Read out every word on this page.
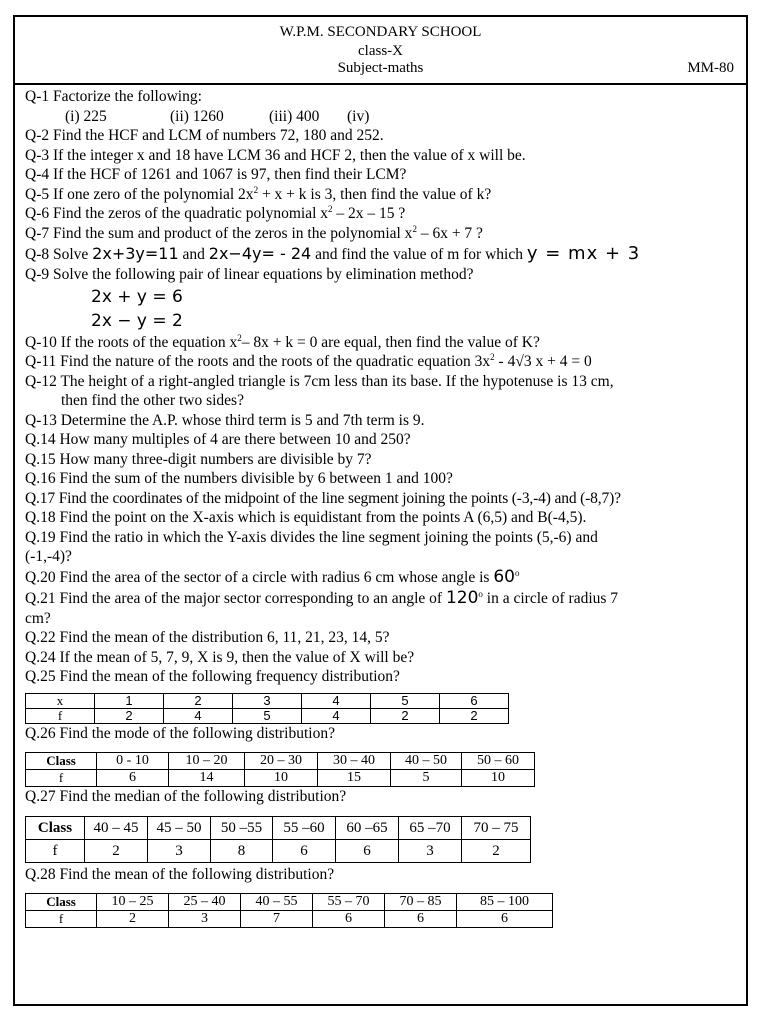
W.P.M. SECONDARY SCHOOL
class-X
Subject-maths	MM-80
Q-1 Factorize the following:
(i) 225	(ii) 1260	(iii) 400 (iv)
Q-2 Find the HCF and LCM of numbers 72, 180 and 252.
Q-3 If the integer x and 18 have LCM 36 and HCF 2, then the value of x will be.
Q-4 If the HCF of 1261 and 1067 is 97, then find their LCM?
Q-5 If one zero of the polynomial $2x^2 + x + k$ is 3, then find the value of k?
Q-6 Find the zeros of the quadratic polynomial $x^2 - 2x - 15$ ?
Q-7 Find the sum and product of the zeros in the polynomial $x^2 - 6x + 7$ ?
Q-8 Solve 2x+3y=11 and 2x−4y= - 24 and find the value of m for which y = mx + 3
Q-9 Solve the following pair of linear equations by elimination method?
2x + y = 6
2x − y = 2
Q-10 If the roots of the equation $x^2-$ 8x + k = 0 are equal, then find the value of K?
Q-11 Find the nature of the roots and the roots of the quadratic equation $3x^2 - 4√3$ x + 4 = 0
Q-12 The height of a right-angled triangle is 7cm less than its base. If the hypotenuse is 13 cm,
then find the other two sides?
Q-13 Determine the A.P. whose third term is 5 and 7th term is 9.
Q.14 How many multiples of 4 are there between 10 and 250?
Q.15 How many three-digit numbers are divisible by 7?
Q.16 Find the sum of the numbers divisible by 6 between 1 and 100?
Q.17 Find the coordinates of the midpoint of the line segment joining the points (-3,-4) and (-8,7)?
Q.18 Find the point on the X-axis which is equidistant from the points A (6,5) and B(-4,5).
Q.19 Find the ratio in which the Y-axis divides the line segment joining the points (5,-6) and
(-1,-4)?
Q.20 Find the area of the sector of a circle with radius 6 cm whose angle is 60$^o$
Q.21 Find the area of the major sector corresponding to an angle of 120$^o$ in a circle of radius 7
cm?
Q.22 Find the mean of the distribution 6, 11, 21, 23, 14, 5?
Q.24 If the mean of 5, 7, 9, X is 9, then the value of X will be?
Q.25 Find the mean of the following frequency distribution?
x	1	2	3	4	5	6
f	2	4	5	4	2	2
Q.26 Find the mode of the following distribution?
Class	0 - 10	10 – 20	20 – 30	30 – 40	40 – 50	50 – 60
f	6	14	10	15	5	10
Q.27 Find the median of the following distribution?
Class	40 – 45	45 – 50	50 –55	55 –60	60 –65	65 –70	70 – 75
f	2	3	8	6	6	3	2
Q.28 Find the mean of the following distribution?
Class	10 – 25	25 – 40	40 – 55	55 – 70	70 – 85	85 – 100
f	2	3	7	6	6	6
